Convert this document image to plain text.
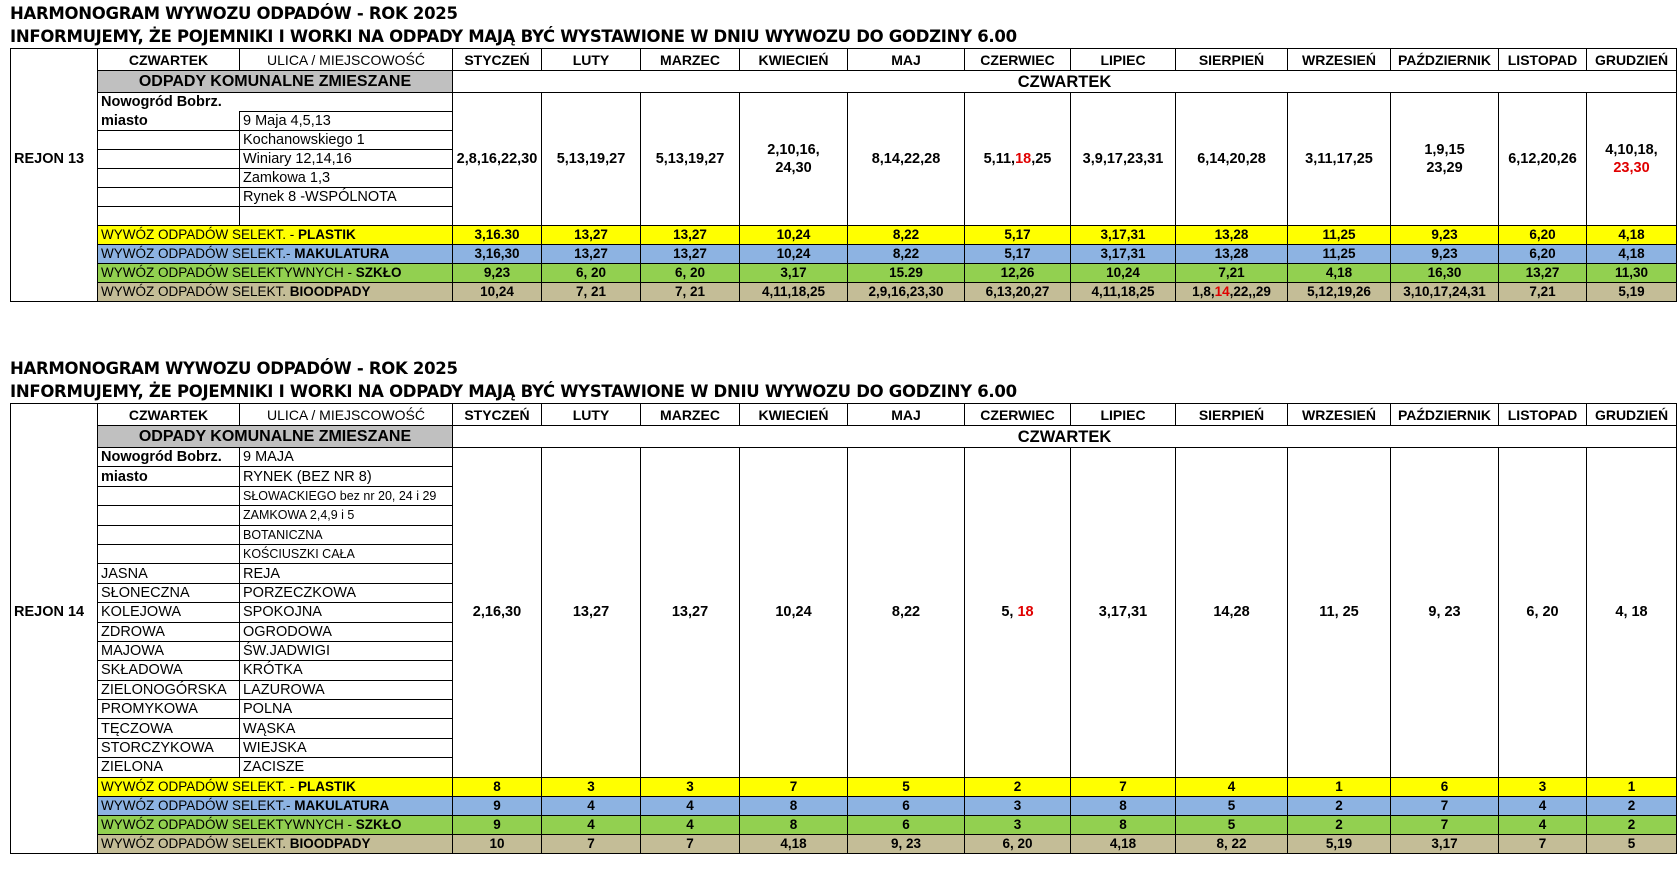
HARMONOGRAM WYWOZU ODPADÓW - ROK 2025
INFORMUJEMY, ŻE POJEMNIKI I WORKI NA ODPADY MAJĄ BYĆ WYSTAWIONE W DNIU WYWOZU DO GODZINY 6.00
	CZWARTEK	ULICA / MIEJSCOWOŚĆ	STYCZEŃ	LUTY	MARZEC	KWIECIEŃ	MAJ	CZERWIEC	LIPIEC	SIERPIEŃ	WRZESIEŃ	PAŹDZIERNIK	LISTOPAD	GRUDZIEŃ
	ODPADY KOMUNALNE ZMIESZANE		CZWARTEK											
REJON 13	Nowogród Bobrz.		2,8,16,22,30	5,13,19,27	5,13,19,27	2,10,16,
24,30	8,14,22,28	5,11,18,25	3,9,17,23,31	6,14,20,28	3,11,17,25	1,9,15
23,29	6,12,20,26	4,10,18,
23,30
	miasto	9 Maja 4,5,13												
		Kochanowskiego 1												
		Winiary 12,14,16												
		Zamkowa 1,3												
		Rynek 8 -WSPÓLNOTA												

	WYWÓZ ODPADÓW SELEKT. - PLASTIK		3,16.30	13,27	13,27	10,24	8,22	5,17	3,17,31	13,28	11,25	9,23	6,20	4,18
	WYWÓZ ODPADÓW SELEKT.- MAKULATURA		3,16,30	13,27	13,27	10,24	8,22	5,17	3,17,31	13,28	11,25	9,23	6,20	4,18
	WYWÓZ ODPADÓW SELEKTYWNYCH - SZKŁO		9,23	6, 20	6, 20	3,17	15.29	12,26	10,24	7,21	4,18	16,30	13,27	11,30
	WYWÓZ ODPADÓW SELEKT. BIOODPADY		10,24	7, 21	7, 21	4,11,18,25	2,9,16,23,30	6,13,20,27	4,11,18,25	1,8,14,22,,29	5,12,19,26	3,10,17,24,31	7,21	5,19
HARMONOGRAM WYWOZU ODPADÓW - ROK 2025
INFORMUJEMY, ŻE POJEMNIKI I WORKI NA ODPADY MAJĄ BYĆ WYSTAWIONE W DNIU WYWOZU DO GODZINY 6.00
	CZWARTEK	ULICA / MIEJSCOWOŚĆ	STYCZEŃ	LUTY	MARZEC	KWIECIEŃ	MAJ	CZERWIEC	LIPIEC	SIERPIEŃ	WRZESIEŃ	PAŹDZIERNIK	LISTOPAD	GRUDZIEŃ
	ODPADY KOMUNALNE ZMIESZANE		CZWARTEK											
REJON 14	Nowogród Bobrz.	9 MAJA	2,16,30	13,27	13,27	10,24	8,22	5, 18	3,17,31	14,28	11, 25	9, 23	6, 20	4, 18
	miasto	RYNEK (BEZ NR 8)												
		SŁOWACKIEGO bez nr 20, 24 i 29												
		ZAMKOWA 2,4,9 i 5												
		BOTANICZNA												
		KOŚCIUSZKI CAŁA												
	JASNA	REJA												
	SŁONECZNA	PORZECZKOWA												
	KOLEJOWA	SPOKOJNA												
	ZDROWA	OGRODOWA												
	MAJOWA	ŚW.JADWIGI												
	SKŁADOWA	KRÓTKA												
	ZIELONOGÓRSKA	LAZUROWA												
	PROMYKOWA	POLNA												
	TĘCZOWA	WĄSKA												
	STORCZYKOWA	WIEJSKA												
	ZIELONA	ZACISZE												
	WYWÓZ ODPADÓW SELEKT. - PLASTIK		8	3	3	7	5	2	7	4	1	6	3	1
	WYWÓZ ODPADÓW SELEKT.- MAKULATURA		9	4	4	8	6	3	8	5	2	7	4	2
	WYWÓZ ODPADÓW SELEKTYWNYCH - SZKŁO		9	4	4	8	6	3	8	5	2	7	4	2
	WYWÓZ ODPADÓW SELEKT. BIOODPADY		10	7	7	4,18	9, 23	6, 20	4,18	8, 22	5,19	3,17	7	5
